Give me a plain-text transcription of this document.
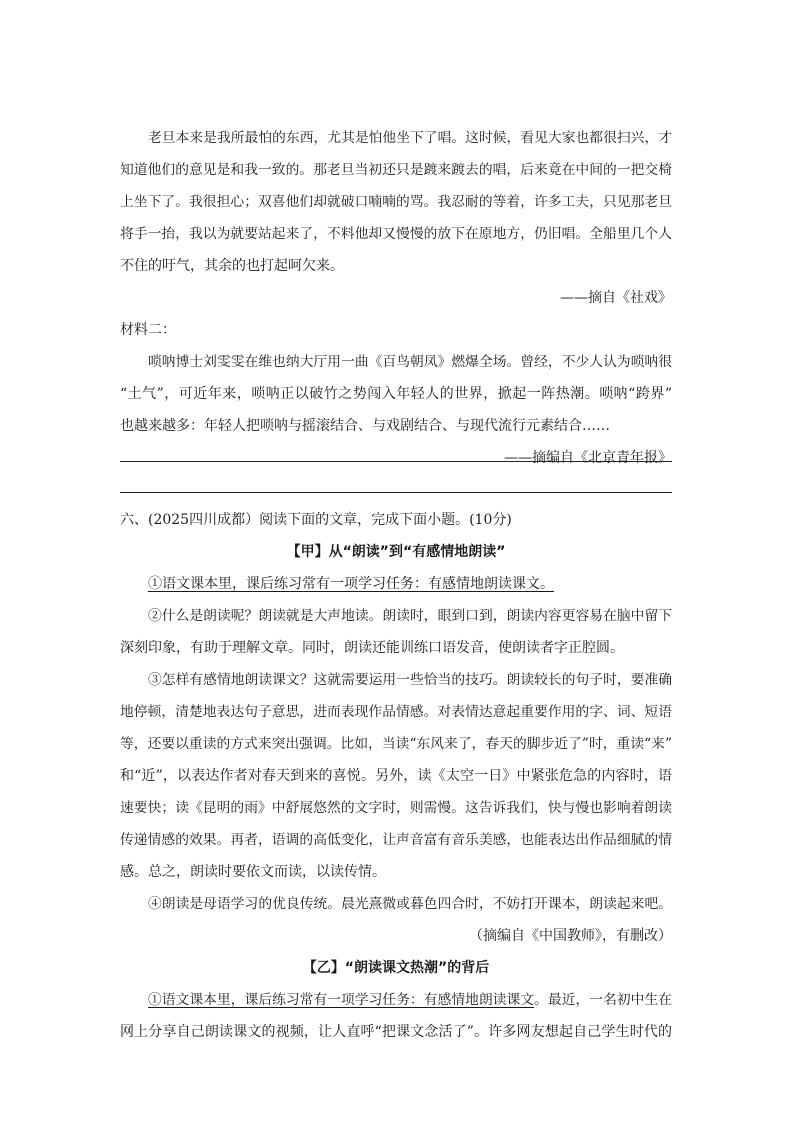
老旦本来是我所最怕的东西，尤其是怕他坐下了唱。这时候，看见大家也都很扫兴，才
知道他们的意见是和我一致的。那老旦当初还只是踱来踱去的唱，后来竟在中间的一把交椅
上坐下了。我很担心；双喜他们却就破口喃喃的骂。我忍耐的等着，许多工夫，只见那老旦
将手一抬，我以为就要站起来了，不料他却又慢慢的放下在原地方，仍旧唱。全船里几个人
不住的吁气，其余的也打起呵欠来。
——摘自《社戏》
材料二：
唢呐博士刘雯雯在维也纳大厅用一曲《百鸟朝凤》燃爆全场。曾经，不少人认为唢呐很
“土气”，可近年来，唢呐正以破竹之势闯入年轻人的世界，掀起一阵热潮。唢呐“跨界”
也越来越多：年轻人把唢呐与摇滚结合、与戏剧结合、与现代流行元素结合……
——摘编自《北京青年报》
六、(2025四川成都）阅读下面的文章，完成下面小题。(10分)
【甲】从“朗读”到“有感情地朗读”
①语文课本里，课后练习常有一项学习任务：有感情地朗读课文。
②什么是朗读呢？朗读就是大声地读。朗读时，眼到口到，朗读内容更容易在脑中留下
深刻印象，有助于理解文章。同时，朗读还能训练口语发音，使朗读者字正腔圆。
③怎样有感情地朗读课文？这就需要运用一些恰当的技巧。朗读较长的句子时，要准确
地停顿，清楚地表达句子意思，进而表现作品情感。对表情达意起重要作用的字、词、短语
等，还要以重读的方式来突出强调。比如，当读“东风来了，春天的脚步近了”时，重读“来”
和“近”，以表达作者对春天到来的喜悦。另外，读《太空一日》中紧张危急的内容时，语
速要快；读《昆明的雨》中舒展悠然的文字时，则需慢。这告诉我们，快与慢也影响着朗读
传递情感的效果。再者，语调的高低变化，让声音富有音乐美感，也能表达出作品细腻的情
感。总之，朗读时要依文而读，以读传情。
④朗读是母语学习的优良传统。晨光熹微或暮色四合时，不妨打开课本，朗读起来吧。
（摘编自《中国教师》，有删改）
【乙】“朗读课文热潮”的背后
①语文课本里，课后练习常有一项学习任务：有感情地朗读课文。最近，一名初中生在
网上分享自己朗读课文的视频，让人直呼“把课文念活了”。许多网友想起自己学生时代的
